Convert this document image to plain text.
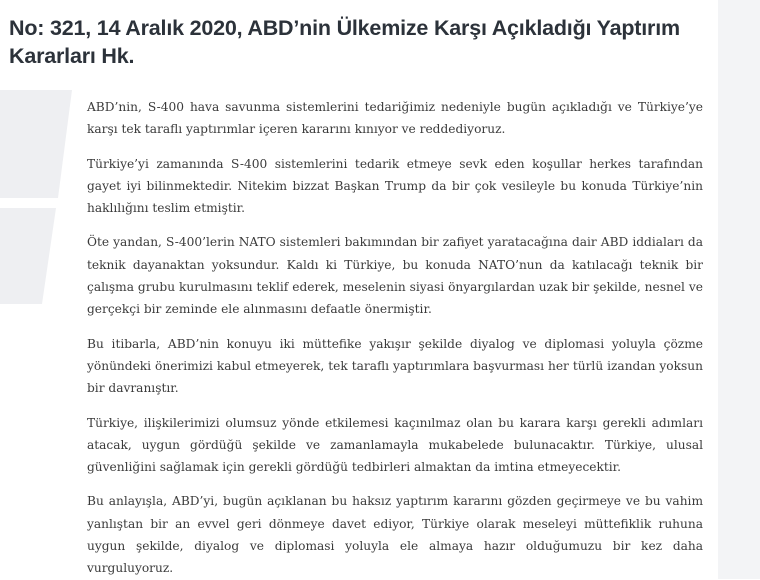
No: 321, 14 Aralık 2020, ABD’nin Ülkemize Karşı Açıkladığı Yaptırım Kararları Hk.

ABD’nin, S-400 hava savunma sistemlerini tedariğimiz nedeniyle bugün açıkladığı ve Türkiye’ye karşı tek taraflı yaptırımlar içeren kararını kınıyor ve reddediyoruz.

Türkiye’yi zamanında S-400 sistemlerini tedarik etmeye sevk eden koşullar herkes tarafından gayet iyi bilinmektedir. Nitekim bizzat Başkan Trump da bir çok vesileyle bu konuda Türkiye’nin haklılığını teslim etmiştir.

Öte yandan, S-400’lerin NATO sistemleri bakımından bir zafiyet yaratacağına dair ABD iddiaları da teknik dayanaktan yoksundur. Kaldı ki Türkiye, bu konuda NATO’nun da katılacağı teknik bir çalışma grubu kurulmasını teklif ederek, meselenin siyasi önyargılardan uzak bir şekilde, nesnel ve gerçekçi bir zeminde ele alınmasını defaatle önermiştir.

Bu itibarla, ABD’nin konuyu iki müttefike yakışır şekilde diyalog ve diplomasi yoluyla çözme yönündeki önerimizi kabul etmeyerek, tek taraflı yaptırımlara başvurması her türlü izandan yoksun bir davranıştır.

Türkiye, ilişkilerimizi olumsuz yönde etkilemesi kaçınılmaz olan bu karara karşı gerekli adımları atacak, uygun gördüğü şekilde ve zamanlamayla mukabelede bulunacaktır. Türkiye, ulusal güvenliğini sağlamak için gerekli gördüğü tedbirleri almaktan da imtina etmeyecektir.

Bu anlayışla, ABD’yi, bugün açıklanan bu haksız yaptırım kararını gözden geçirmeye ve bu vahim yanlıştan bir an evvel geri dönmeye davet ediyor, Türkiye olarak meseleyi müttefiklik ruhuna uygun şekilde, diyalog ve diplomasi yoluyla ele almaya hazır olduğumuzu bir kez daha vurguluyoruz.
